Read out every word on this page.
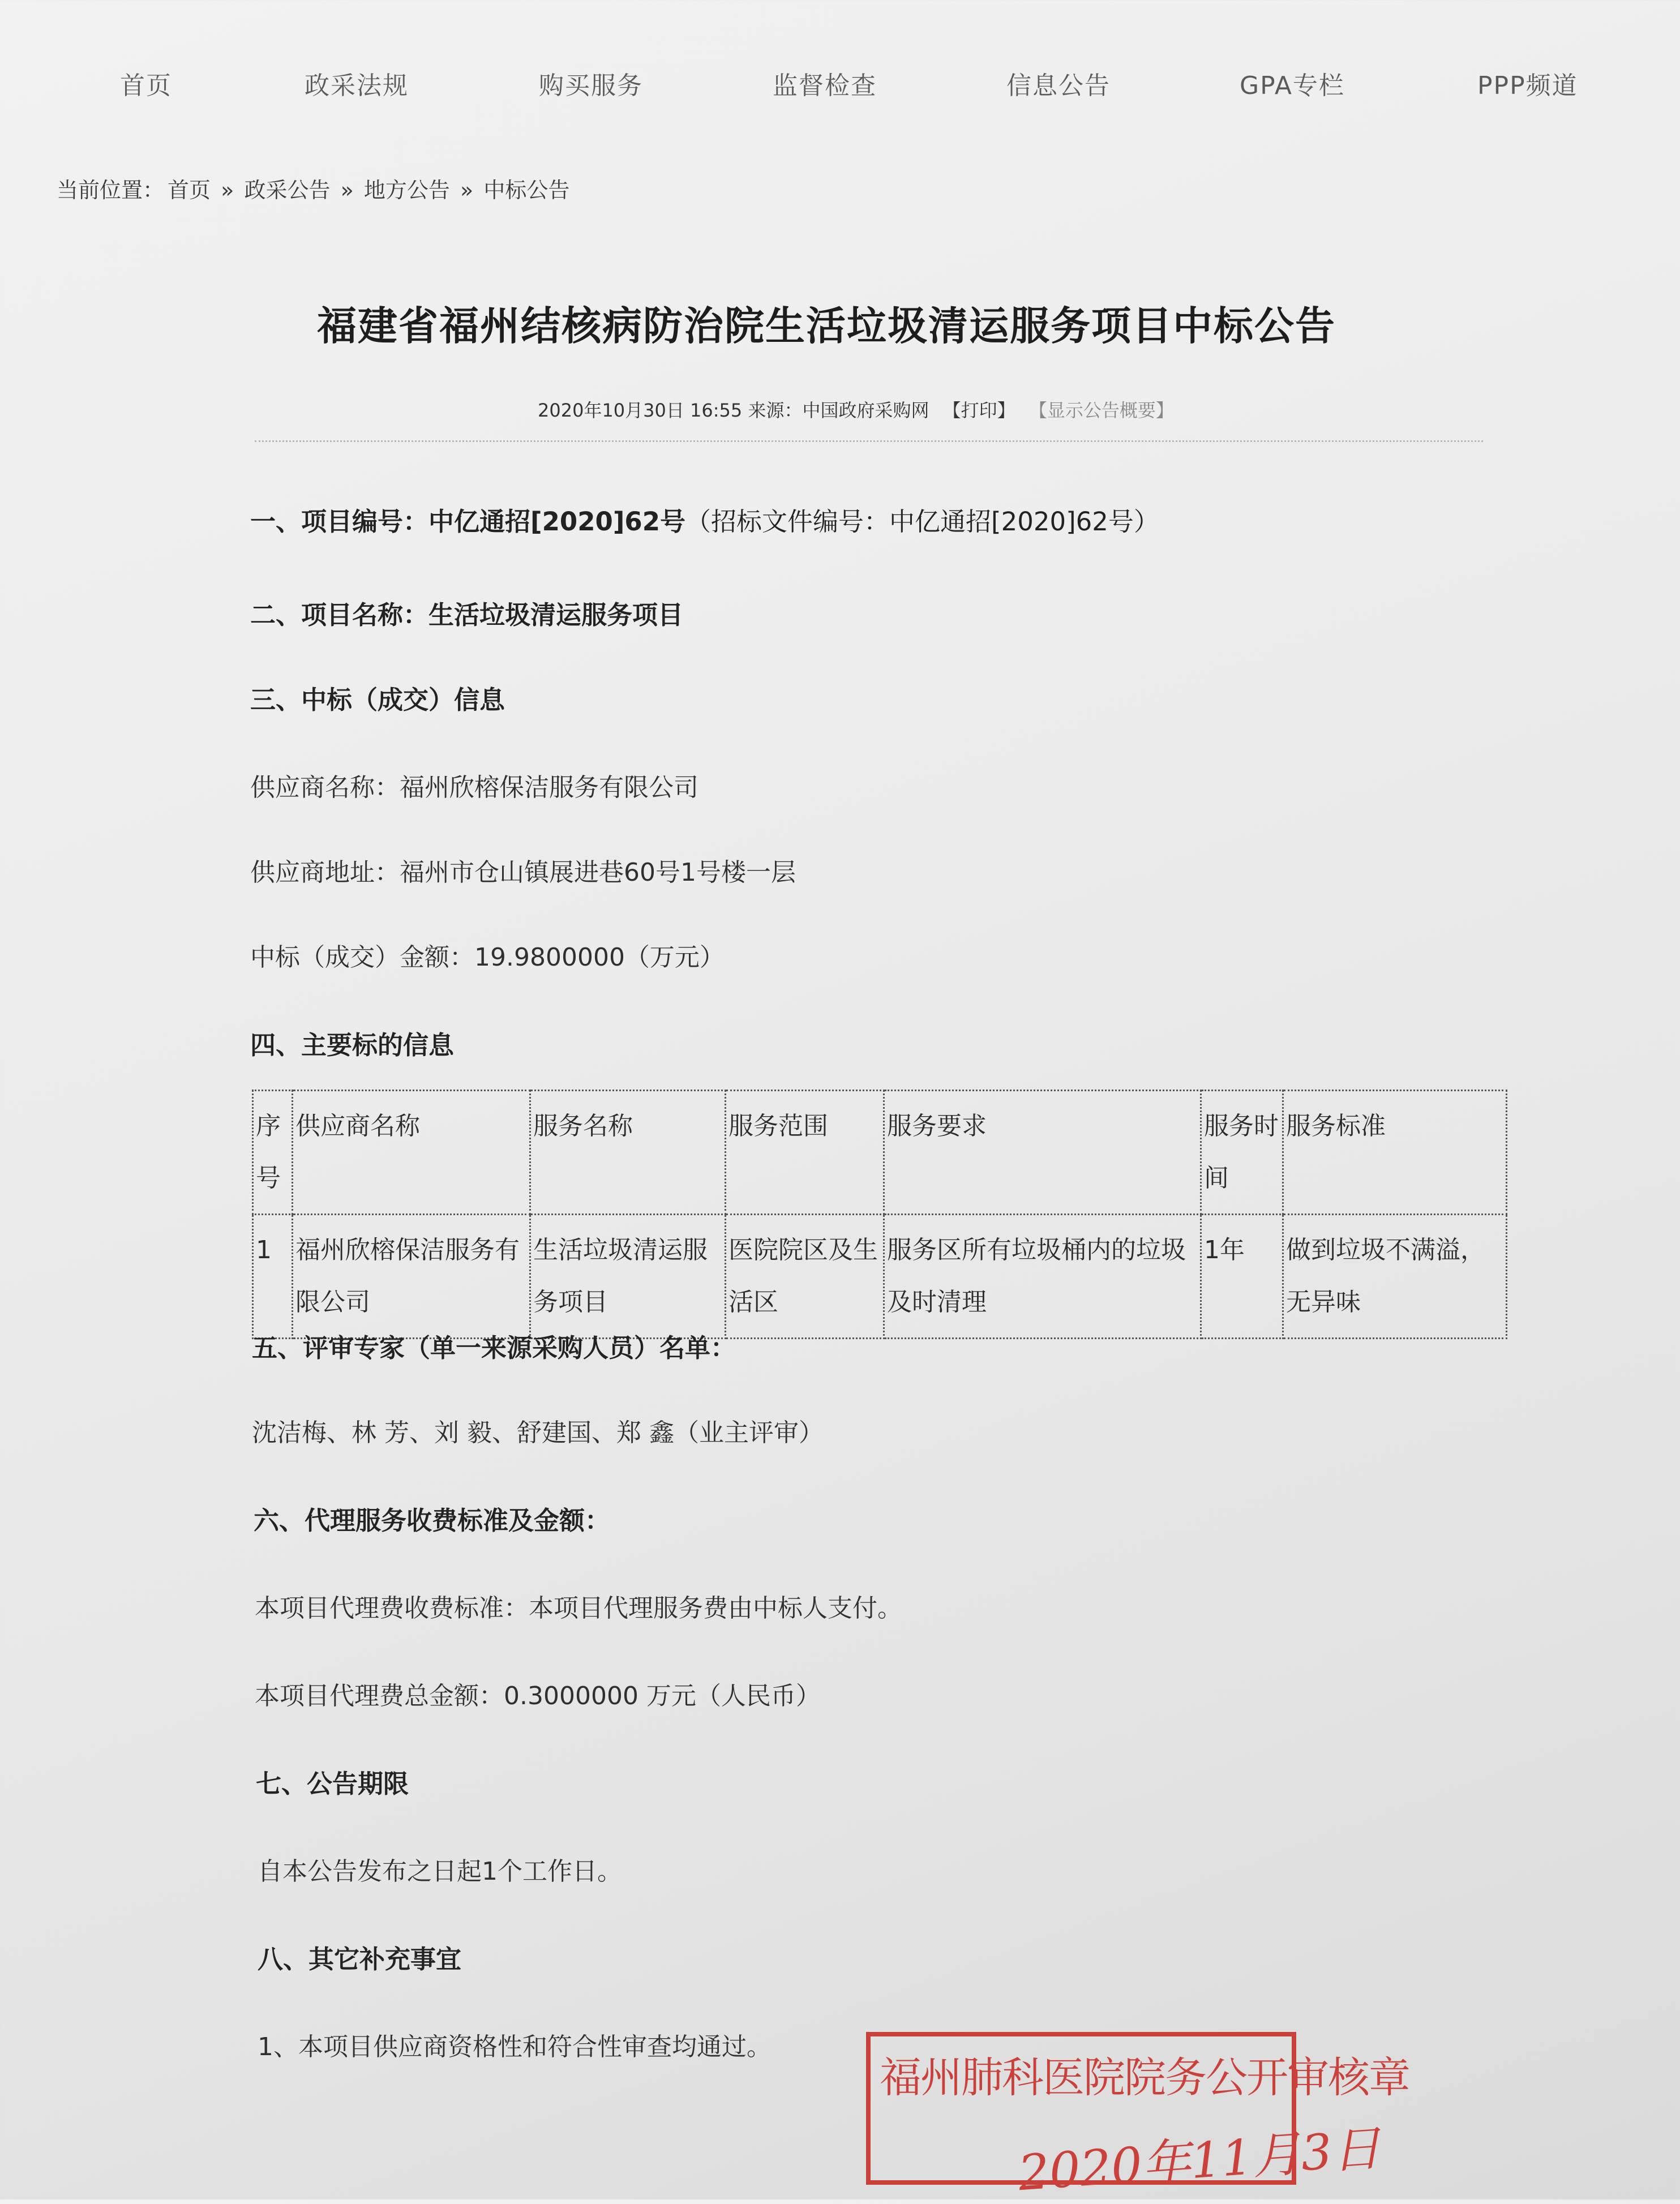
首页	政采法规	购买服务	监督检查	信息公告	GPA专栏	PPP频道
当前位置： 首页 » 政采公告 » 地方公告 » 中标公告
福建省福州结核病防治院生活垃圾清运服务项目中标公告
2020年10月30日 16:55 来源：中国政府采购网 【打印】 【显示公告概要】
一、项目编号：中亿通招[2020]62号（招标文件编号：中亿通招[2020]62号）
二、项目名称：生活垃圾清运服务项目
三、中标（成交）信息
供应商名称：福州欣榕保洁服务有限公司
供应商地址：福州市仓山镇展进巷60号1号楼一层
中标（成交）金额：19.9800000（万元）
四、主要标的信息
序号	供应商名称	服务名称	服务范围	服务要求	服务时间	服务标准
1	福州欣榕保洁服务有限公司	生活垃圾清运服务项目	医院院区及生活区	服务区所有垃圾桶内的垃圾及时清理	1年	做到垃圾不满溢，无异味
五、评审专家（单一来源采购人员）名单：
沈洁梅、林 芳、刘 毅、舒建国、郑 鑫（业主评审）
六、代理服务收费标准及金额：
本项目代理费收费标准：本项目代理服务费由中标人支付。
本项目代理费总金额：0.3000000 万元（人民币）
七、公告期限
自本公告发布之日起1个工作日。
八、其它补充事宜
1、本项目供应商资格性和符合性审查均通过。
福州肺科医院院务公开审核章
2020年11月3日
